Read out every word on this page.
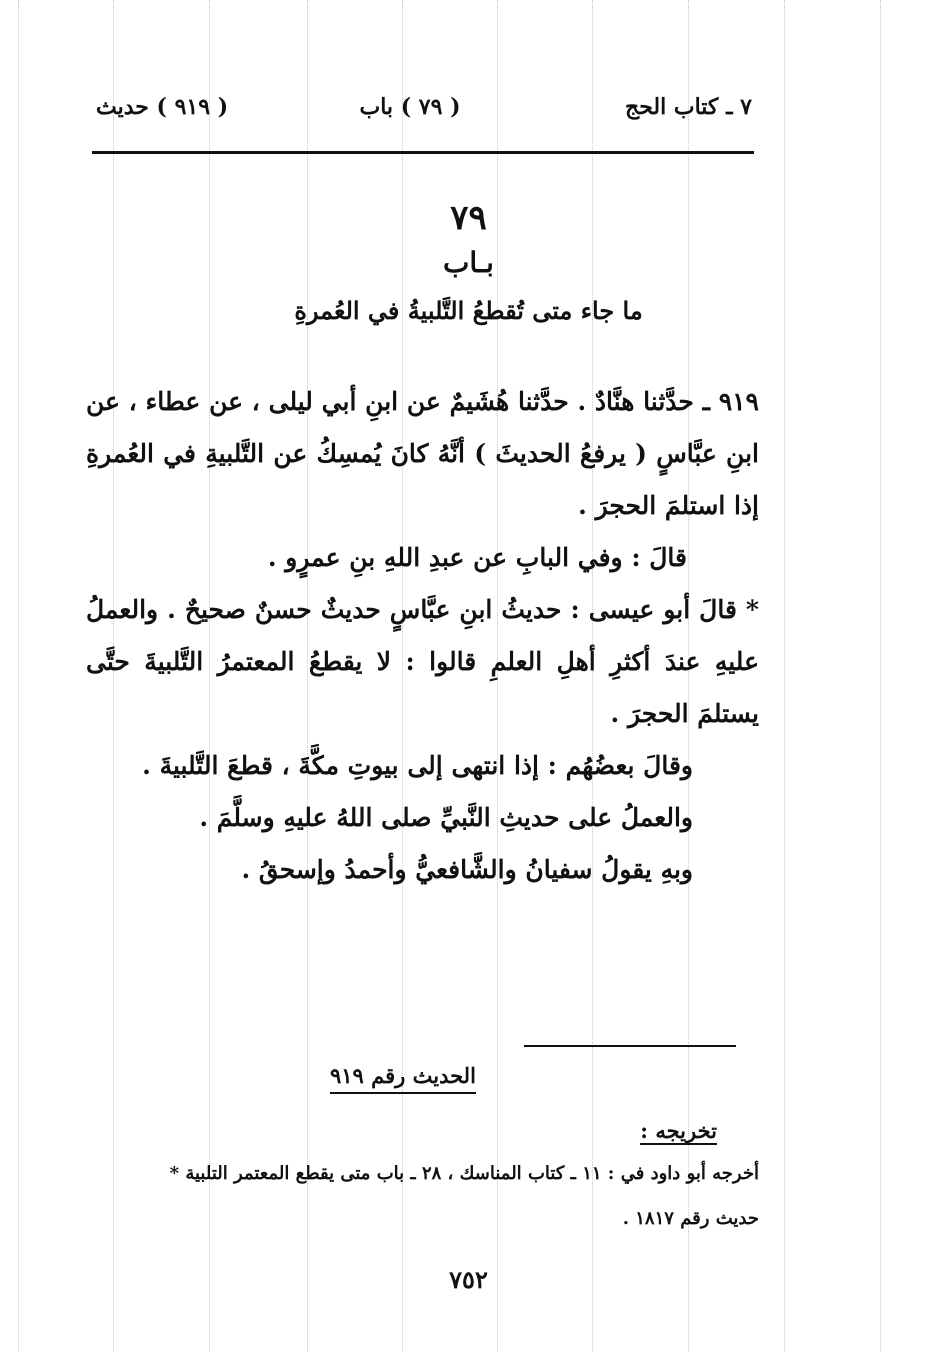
٧ ـ كتاب الحج
( ٧٩ ) باب
( ٩١٩ ) حديث
٧٩
بـاب
ما جاء متى تُقطعُ التَّلبيةُ في العُمرةِ

٩١٩ ـ حدَّثنا هنَّادٌ . حدَّثنا هُشَيمٌ عن ابنِ أبي ليلى ، عن عطاء ، عن ابنِ عبَّاسٍ ( يرفعُ الحديثَ ) أنَّهُ كانَ يُمسِكُ عن التَّلبيةِ في العُمرةِ إذا استلمَ الحجرَ .

قالَ : وفي البابِ عن عبدِ اللهِ بنِ عمرٍو .

* قالَ أبو عيسى : حديثُ ابنِ عبَّاسٍ حديثٌ حسنٌ صحيحٌ . والعملُ عليهِ عندَ أكثرِ أهلِ العلمِ قالوا : لا يقطعُ المعتمرُ التَّلبيةَ حتَّى يستلمَ الحجرَ .

وقالَ بعضُهُم : إذا انتهى إلى بيوتِ مكَّةَ ، قطعَ التَّلبيةَ .

والعملُ على حديثِ النَّبيِّ صلى اللهُ عليهِ وسلَّمَ .

وبهِ يقولُ سفيانُ والشَّافعيُّ وأحمدُ وإسحقُ .

الحديث رقم ٩١٩
تخريجه :
أخرجه أبو داود في : ١١ ـ كتاب المناسك ، ٢٨ ـ باب متى يقطع المعتمر التلبية *
حديث رقم ١٨١٧ .
٧٥٢
